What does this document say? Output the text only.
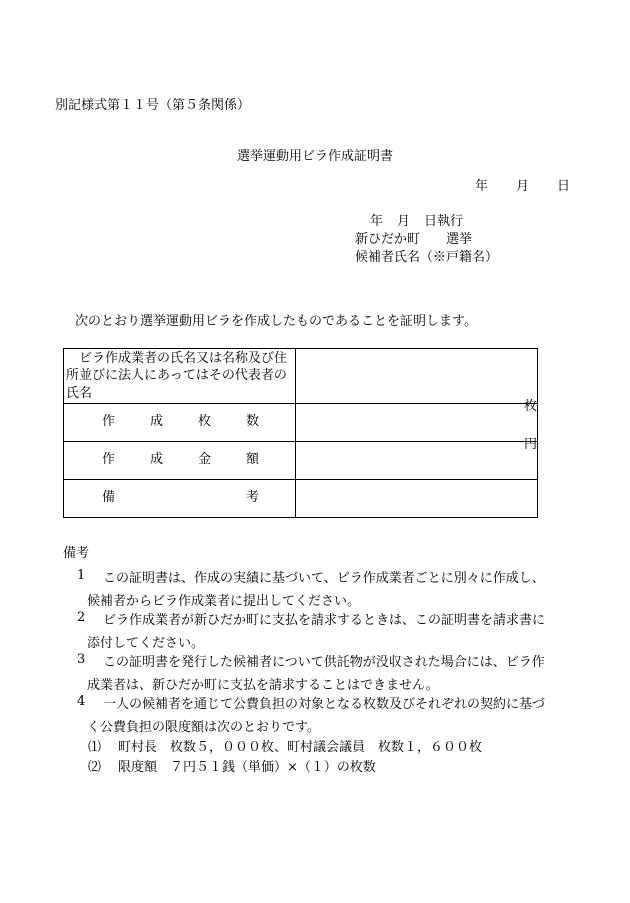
別記様式第１１号（第５条関係）
選挙運動用ビラ作成証明書
年 月 日
年 月 日執行
新ひだか町 選挙
候補者氏名（※戸籍名）
次のとおり選挙運動用ビラを作成したものであることを証明します。
ビラ作成業者の氏名又は名称及び住所並びに法人にあってはその代表者の氏名	

作 成 枚 数	枚

作 成 金 額	円

備 考	

備考
1	この証明書は、作成の実績に基づいて、ビラ作成業者ごとに別々に作成し、

候補者からビラ作成業者に提出してください。

2	ビラ作成業者が新ひだか町に支払を請求するときは、この証明書を請求書に

添付してください。

3	この証明書を発行した候補者について供託物が没収された場合には、ビラ作

成業者は、新ひだか町に支払を請求することはできません。

4	一人の候補者を通じて公費負担の対象となる枚数及びそれぞれの契約に基づ

く公費負担の限度額は次のとおりです。

⑴ 町村長　枚数５，０００枚、町村議会議員　枚数１，６００枚
⑵ 限度額　７円５１銭（単価）×（１）の枚数
